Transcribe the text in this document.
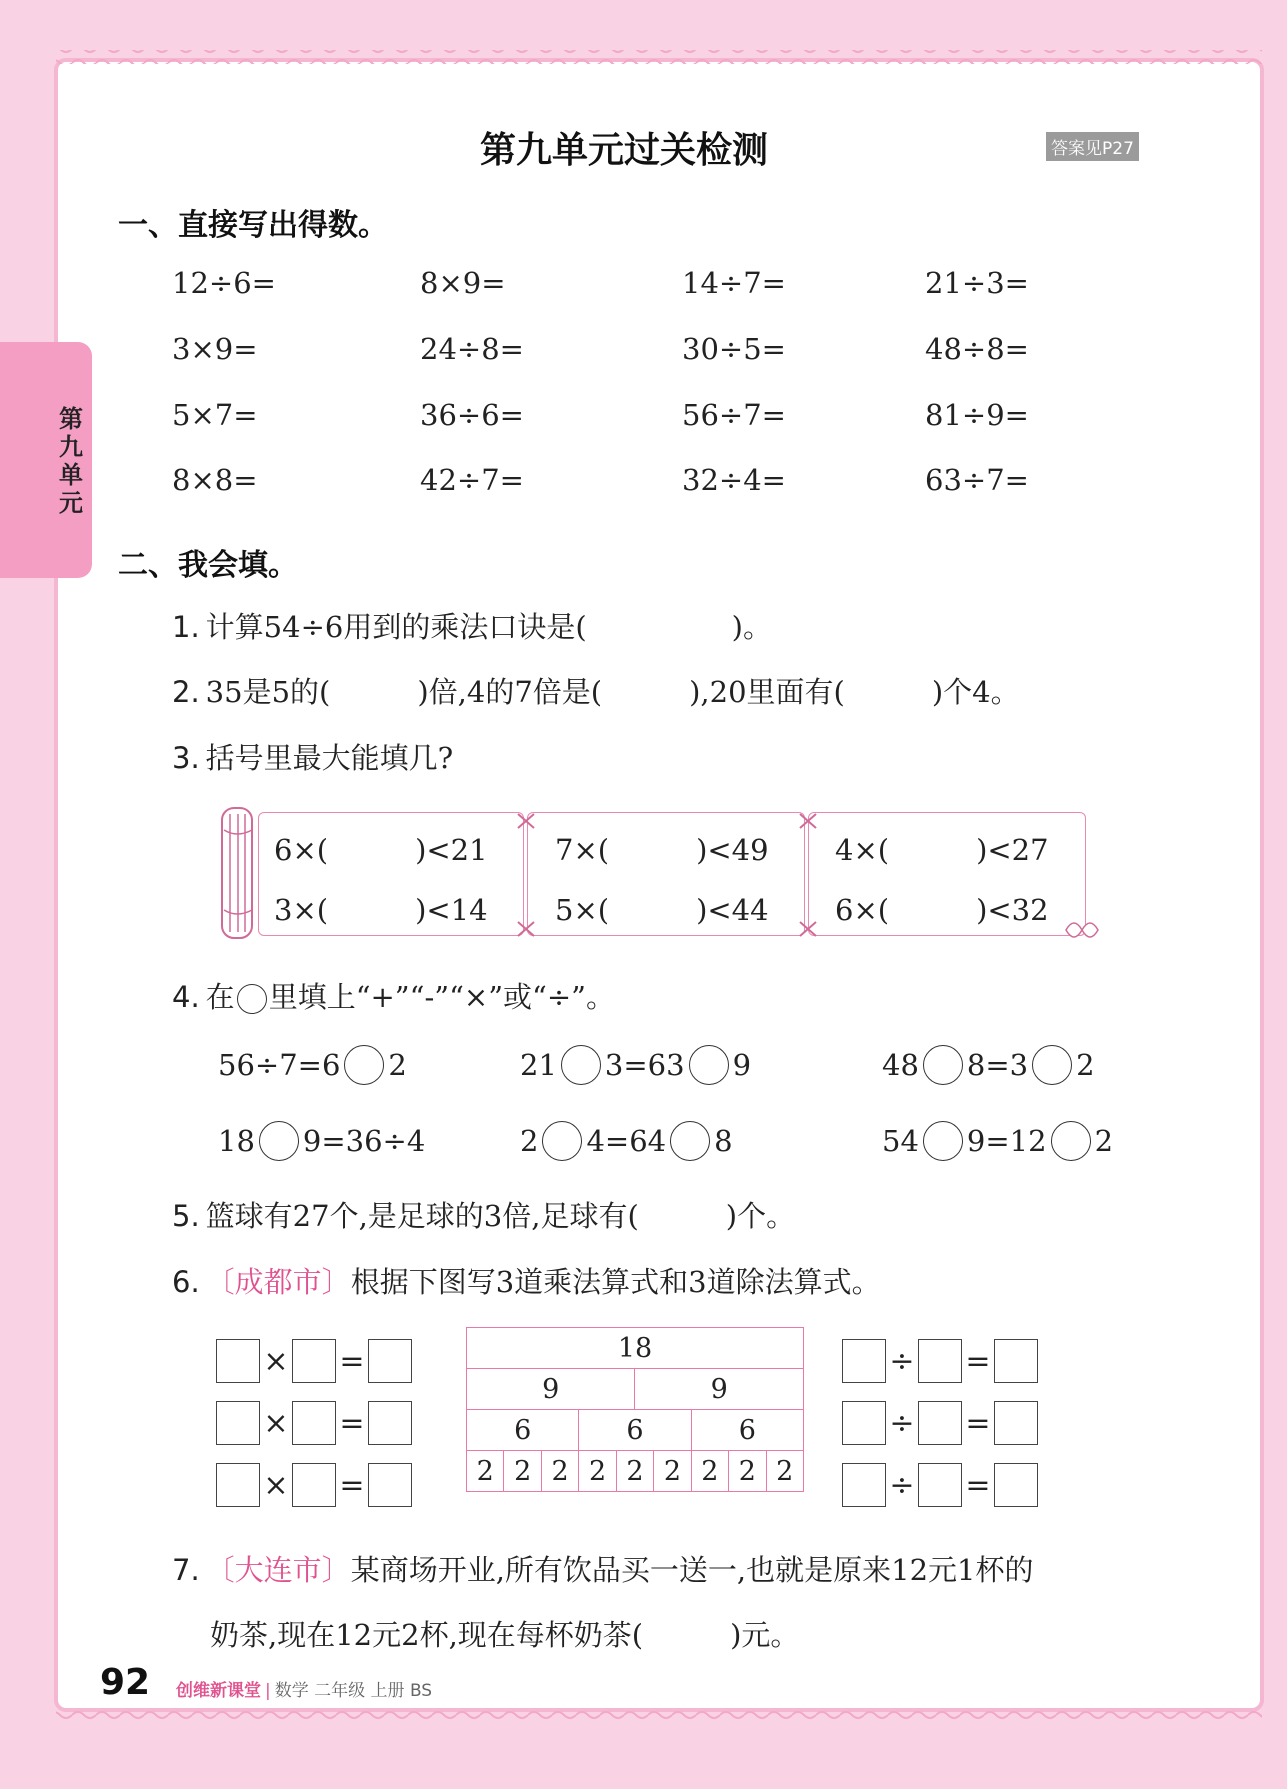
第九单元
第九单元过关检测	答案见P27
一、直接写出得数。
12÷6=	8×9=	14÷7=	21÷3=
3×9=	24÷8=	30÷5=	48÷8=
5×7=	36÷6=	56÷7=	81÷9=
8×8=	42÷7=	32÷4=	63÷7=
二、我会填。
1. 计算54÷6用到的乘法口诀是(　　　　　)。
2. 35是5的(　　　)倍,4的7倍是(　　　),20里面有(　　　)个4。
3. 括号里最大能填几?
6×(　　　)<21
3×(　　　)<14
7×(　　　)<49
5×(　　　)<44
4×(　　　)<27
6×(　　　)<32
4. 在 里填上“+”“-”“×”或“÷”。
56÷7=6 2	21 3=63 9	48 8=3 2
18 9=36÷4	2 4=64 8	54 9=12 2
5. 篮球有27个,是足球的3倍,足球有(　　　)个。
6. 〔成都市〕根据下图写3道乘法算式和3道除法算式。
× =
× =
× =
18									
9					9				
6			6				6		
2	2	2	2	2		2	2	2	2
÷ =
÷ =
÷ =
7. 〔大连市〕某商场开业,所有饮品买一送一,也就是原来12元1杯的
奶茶,现在12元2杯,现在每杯奶茶(　　　)元。
92 创维新课堂 | 数学 二年级 上册 BS
